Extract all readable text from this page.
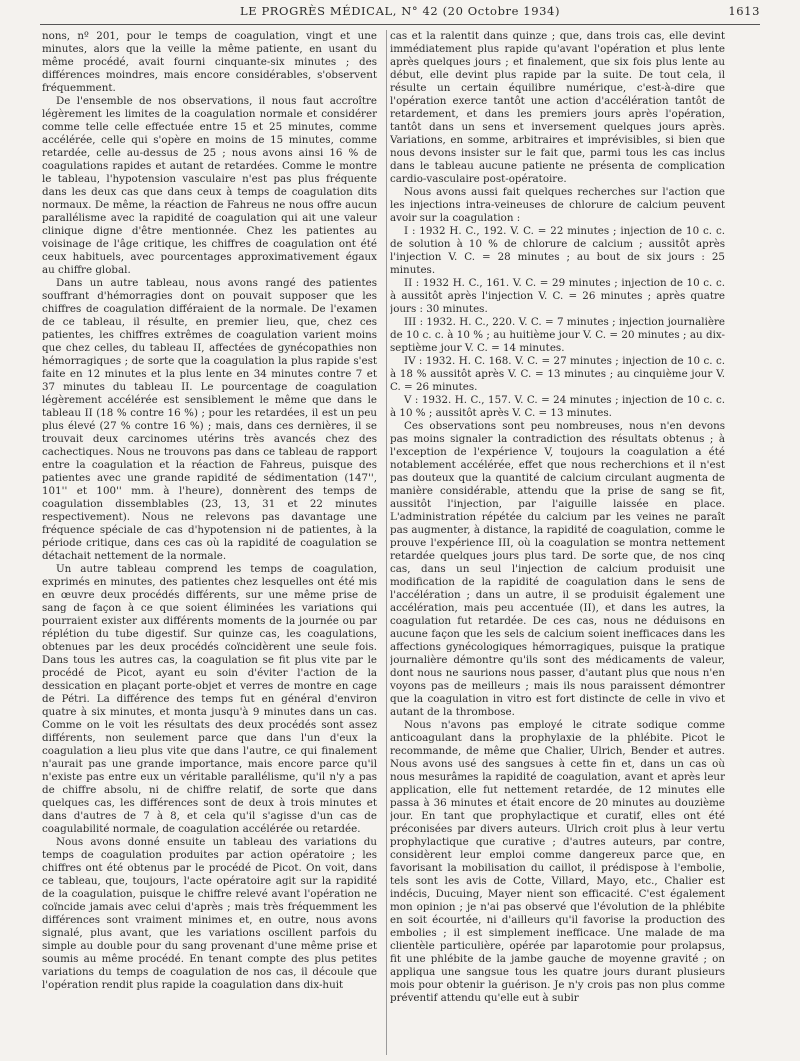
LE PROGRÈS MÉDICAL, N° 42 (20 Octobre 1934)	1613

nons, nº 201, pour le temps de coagulation, vingt et une minutes, alors que la veille la même patiente, en usant du même procédé, avait fourni cinquante-six minutes ; des différences moindres, mais encore considérables, s'observent fréquemment.

De l'ensemble de nos observations, il nous faut accroître légèrement les limites de la coagulation normale et considérer comme telle celle effectuée entre 15 et 25 minutes, comme accélérée, celle qui s'opère en moins de 15 minutes, comme retardée, celle au-dessus de 25 ; nous avons ainsi 16 % de coagulations rapides et autant de retardées. Comme le montre le tableau, l'hypotension vasculaire n'est pas plus fréquente dans les deux cas que dans ceux à temps de coagulation dits normaux. De même, la réaction de Fahreus ne nous offre aucun parallélisme avec la rapidité de coagulation qui ait une valeur clinique digne d'être mentionnée. Chez les patientes au voisinage de l'âge critique, les chiffres de coagulation ont été ceux habituels, avec pourcentages approximativement égaux au chiffre global.

Dans un autre tableau, nous avons rangé des patientes souffrant d'hémorragies dont on pouvait supposer que les chiffres de coagulation différaient de la normale. De l'examen de ce tableau, il résulte, en premier lieu, que, chez ces patientes, les chiffres extrêmes de coagulation varient moins que chez celles, du tableau II, affectées de gynécopathies non hémorragiques ; de sorte que la coagulation la plus rapide s'est faite en 12 minutes et la plus lente en 34 minutes contre 7 et 37 minutes du tableau II. Le pourcentage de coagulation légèrement accélérée est sensiblement le même que dans le tableau II (18 % contre 16 %) ; pour les retardées, il est un peu plus élevé (27 % contre 16 %) ; mais, dans ces dernières, il se trouvait deux carcinomes utérins très avancés chez des cachectiques. Nous ne trouvons pas dans ce tableau de rapport entre la coagulation et la réaction de Fahreus, puisque des patientes avec une grande rapidité de sédimentation (147'', 101'' et 100'' mm. à l'heure), donnèrent des temps de coagulation dissemblables (23, 13, 31 et 22 minutes respectivement). Nous ne relevons pas davantage une fréquence spéciale de cas d'hypotension ni de patientes, à la période critique, dans ces cas où la rapidité de coagulation se détachait nettement de la normale.

Un autre tableau comprend les temps de coagulation, exprimés en minutes, des patientes chez lesquelles ont été mis en œuvre deux procédés différents, sur une même prise de sang de façon à ce que soient éliminées les variations qui pourraient exister aux différents moments de la journée ou par réplétion du tube digestif. Sur quinze cas, les coagulations, obtenues par les deux procédés coïncidèrent une seule fois. Dans tous les autres cas, la coagulation se fit plus vite par le procédé de Picot, ayant eu soin d'éviter l'action de la dessication en plaçant porte-objet et verres de montre en cage de Pétri. La différence des temps fut en général d'environ quatre à six minutes, et monta jusqu'à 9 minutes dans un cas. Comme on le voit les résultats des deux procédés sont assez différents, non seulement parce que dans l'un d'eux la coagulation a lieu plus vite que dans l'autre, ce qui finalement n'aurait pas une grande importance, mais encore parce qu'il n'existe pas entre eux un véritable parallélisme, qu'il n'y a pas de chiffre absolu, ni de chiffre relatif, de sorte que dans quelques cas, les différences sont de deux à trois minutes et dans d'autres de 7 à 8, et cela qu'il s'agisse d'un cas de coagulabilité normale, de coagulation accélérée ou retardée.

Nous avons donné ensuite un tableau des variations du temps de coagulation produites par action opératoire ; les chiffres ont été obtenus par le procédé de Picot. On voit, dans ce tableau, que, toujours, l'acte opératoire agit sur la rapidité de la coagulation, puisque le chiffre relevé avant l'opération ne coïncide jamais avec celui d'après ; mais très fréquemment les différences sont vraiment minimes et, en outre, nous avons signalé, plus avant, que les variations oscillent parfois du simple au double pour du sang provenant d'une même prise et soumis au même procédé. En tenant compte des plus petites variations du temps de coagulation de nos cas, il découle que l'opération rendit plus rapide la coagulation dans dix-huit

cas et la ralentit dans quinze ; que, dans trois cas, elle devint immédiatement plus rapide qu'avant l'opération et plus lente après quelques jours ; et finalement, que six fois plus lente au début, elle devint plus rapide par la suite. De tout cela, il résulte un certain équilibre numérique, c'est-à-dire que l'opération exerce tantôt une action d'accélération tantôt de retardement, et dans les premiers jours après l'opération, tantôt dans un sens et inversement quelques jours après. Variations, en somme, arbitraires et imprévisibles, si bien que nous devons insister sur le fait que, parmi tous les cas inclus dans le tableau aucune patiente ne présenta de complication cardio-vasculaire post-opératoire.

Nous avons aussi fait quelques recherches sur l'action que les injections intra-veineuses de chlorure de calcium peuvent avoir sur la coagulation :

I : 1932 H. C., 192. V. C. = 22 minutes ; injection de 10 c. c. de solution à 10 % de chlorure de calcium ; aussitôt après l'injection V. C. = 28 minutes ; au bout de six jours : 25 minutes.

II : 1932 H. C., 161. V. C. = 29 minutes ; injection de 10 c. c. à aussitôt après l'injection V. C. = 26 minutes ; après quatre jours : 30 minutes.

III : 1932. H. C., 220. V. C. = 7 minutes ; injection journalière de 10 c. c. à 10 % ; au huitième jour V. C. = 20 minutes ; au dix-septième jour V. C. = 14 minutes.

IV : 1932. H. C. 168. V. C. = 27 minutes ; injection de 10 c. c. à 18 % aussitôt après V. C. = 13 minutes ; au cinquième jour V. C. = 26 minutes.

V : 1932. H. C., 157. V. C. = 24 minutes ; injection de 10 c. c. à 10 % ; aussitôt après V. C. = 13 minutes.

Ces observations sont peu nombreuses, nous n'en devons pas moins signaler la contradiction des résultats obtenus ; à l'exception de l'expérience V, toujours la coagulation a été notablement accélérée, effet que nous recherchions et il n'est pas douteux que la quantité de calcium circulant augmenta de manière considérable, attendu que la prise de sang se fit, aussitôt l'injection, par l'aiguille laissée en place. L'administration répétée du calcium par les veines ne paraît pas augmenter, à distance, la rapidité de coagulation, comme le prouve l'expérience III, où la coagulation se montra nettement retardée quelques jours plus tard. De sorte que, de nos cinq cas, dans un seul l'injection de calcium produisit une modification de la rapidité de coagulation dans le sens de l'accélération ; dans un autre, il se produisit également une accélération, mais peu accentuée (II), et dans les autres, la coagulation fut retardée. De ces cas, nous ne déduisons en aucune façon que les sels de calcium soient inefficaces dans les affections gynécologiques hémorragiques, puisque la pratique journalière démontre qu'ils sont des médicaments de valeur, dont nous ne saurions nous passer, d'autant plus que nous n'en voyons pas de meilleurs ; mais ils nous paraissent démontrer que la coagulation in vitro est fort distincte de celle in vivo et autant de la thrombose.

Nous n'avons pas employé le citrate sodique comme anticoagulant dans la prophylaxie de la phlébite. Picot le recommande, de même que Chalier, Ulrich, Bender et autres. Nous avons usé des sangsues à cette fin et, dans un cas où nous mesurâmes la rapidité de coagulation, avant et après leur application, elle fut nettement retardée, de 12 minutes elle passa à 36 minutes et était encore de 20 minutes au douzième jour. En tant que prophylactique et curatif, elles ont été préconisées par divers auteurs. Ulrich croit plus à leur vertu prophylactique que curative ; d'autres auteurs, par contre, considèrent leur emploi comme dangereux parce que, en favorisant la mobilisation du caillot, il prédispose à l'embolie, tels sont les avis de Cotte, Villard, Mayo, etc., Chalier est indécis, Ducuing, Mayer nient son efficacité. C'est également mon opinion ; je n'ai pas observé que l'évolution de la phlébite en soit écourtée, ni d'ailleurs qu'il favorise la production des embolies ; il est simplement inefficace. Une malade de ma clientèle particulière, opérée par laparotomie pour prolapsus, fit une phlébite de la jambe gauche de moyenne gravité ; on appliqua une sangsue tous les quatre jours durant plusieurs mois pour obtenir la guérison. Je n'y crois pas non plus comme préventif attendu qu'elle eut à subir
